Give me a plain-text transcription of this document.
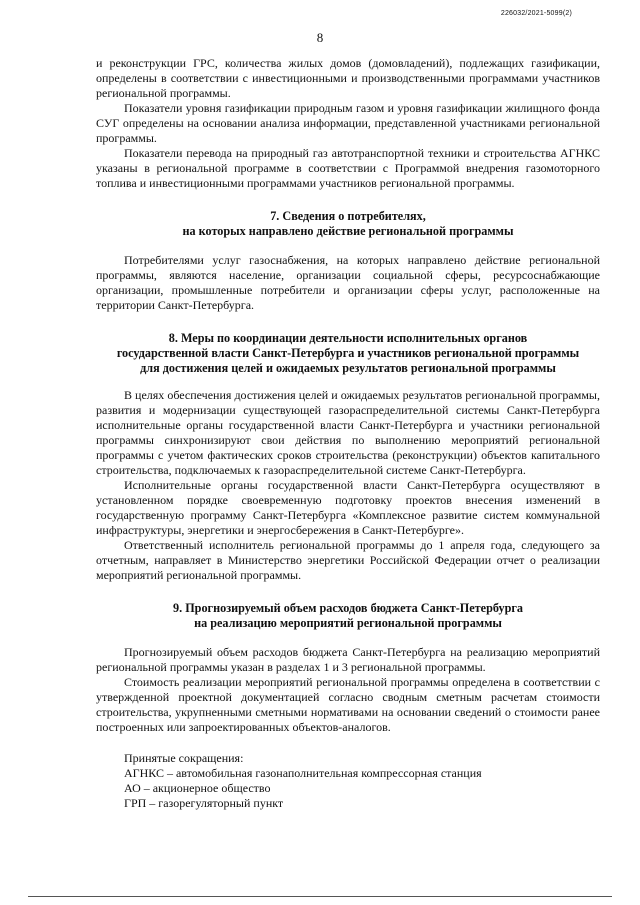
226032/2021-5099(2)
8

и реконструкции ГРС, количества жилых домов (домовладений), подлежащих газификации, определены в соответствии с инвестиционными и производственными программами участников региональной программы.

Показатели уровня газификации природным газом и уровня газификации жилищного фонда СУГ определены на основании анализа информации, представленной участниками региональной программы.

Показатели перевода на природный газ автотранспортной техники и строительства АГНКС указаны в региональной программе в соответствии с Программой внедрения газомоторного топлива и инвестиционными программами участников региональной программы.

7. Сведения о потребителях,
на которых направлено действие региональной программы

Потребителями услуг газоснабжения, на которых направлено действие региональной программы, являются население, организации социальной сферы, ресурсоснабжающие организации, промышленные потребители и организации сферы услуг, расположенные на территории Санкт-Петербурга.

8. Меры по координации деятельности исполнительных органов
государственной власти Санкт-Петербурга и участников региональной программы
для достижения целей и ожидаемых результатов региональной программы

В целях обеспечения достижения целей и ожидаемых результатов региональной программы, развития и модернизации существующей газораспределительной системы Санкт-Петербурга исполнительные органы государственной власти Санкт-Петербурга и участники региональной программы синхронизируют свои действия по выполнению мероприятий региональной программы с учетом фактических сроков строительства (реконструкции) объектов капитального строительства, подключаемых к газораспределительной системе Санкт-Петербурга.

Исполнительные органы государственной власти Санкт-Петербурга осуществляют в установленном порядке своевременную подготовку проектов внесения изменений в государственную программу Санкт-Петербурга «Комплексное развитие систем коммунальной инфраструктуры, энергетики и энергосбережения в Санкт-Петербурге».

Ответственный исполнитель региональной программы до 1 апреля года, следующего за отчетным, направляет в Министерство энергетики Российской Федерации отчет о реализации мероприятий региональной программы.

9. Прогнозируемый объем расходов бюджета Санкт-Петербурга
на реализацию мероприятий региональной программы

Прогнозируемый объем расходов бюджета Санкт-Петербурга на реализацию мероприятий региональной программы указан в разделах 1 и 3 региональной программы.

Стоимость реализации мероприятий региональной программы определена в соответствии с утвержденной проектной документацией согласно сводным сметным расчетам стоимости строительства, укрупненными сметными нормативами на основании сведений о стоимости ранее построенных или запроектированных объектов-аналогов.

Принятые сокращения:
АГНКС – автомобильная газонаполнительная компрессорная станция
АО – акционерное общество
ГРП – газорегуляторный пункт
